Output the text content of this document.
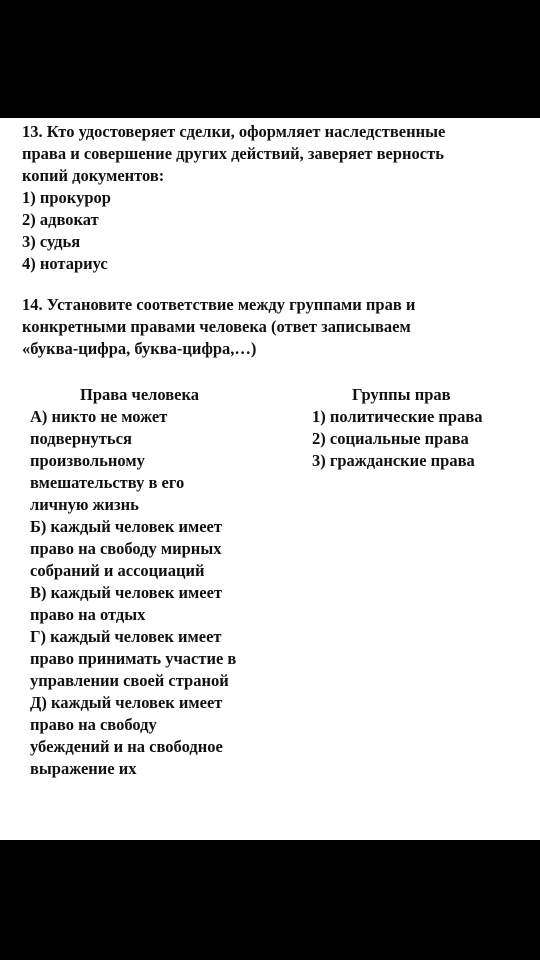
13. Кто удостоверяет сделки, оформляет наследственные
права и совершение других действий, заверяет верность
копий документов:
1) прокурор
2) адвокат
3) судья
4) нотариус
14. Установите соответствие между группами прав и
конкретными правами человека (ответ записываем
«буква-цифра, буква-цифра,…)
Права человека
А) никто не может
подвернуться
произвольному
вмешательству в его
личную жизнь
Б) каждый человек имеет
право на свободу мирных
собраний и ассоциаций
В) каждый человек имеет
право на отдых
Г) каждый человек имеет
право принимать участие в
управлении своей страной
Д) каждый человек имеет
право на свободу
убеждений и на свободное
выражение их
Группы прав
1) политические права
2) социальные права
3) гражданские права
